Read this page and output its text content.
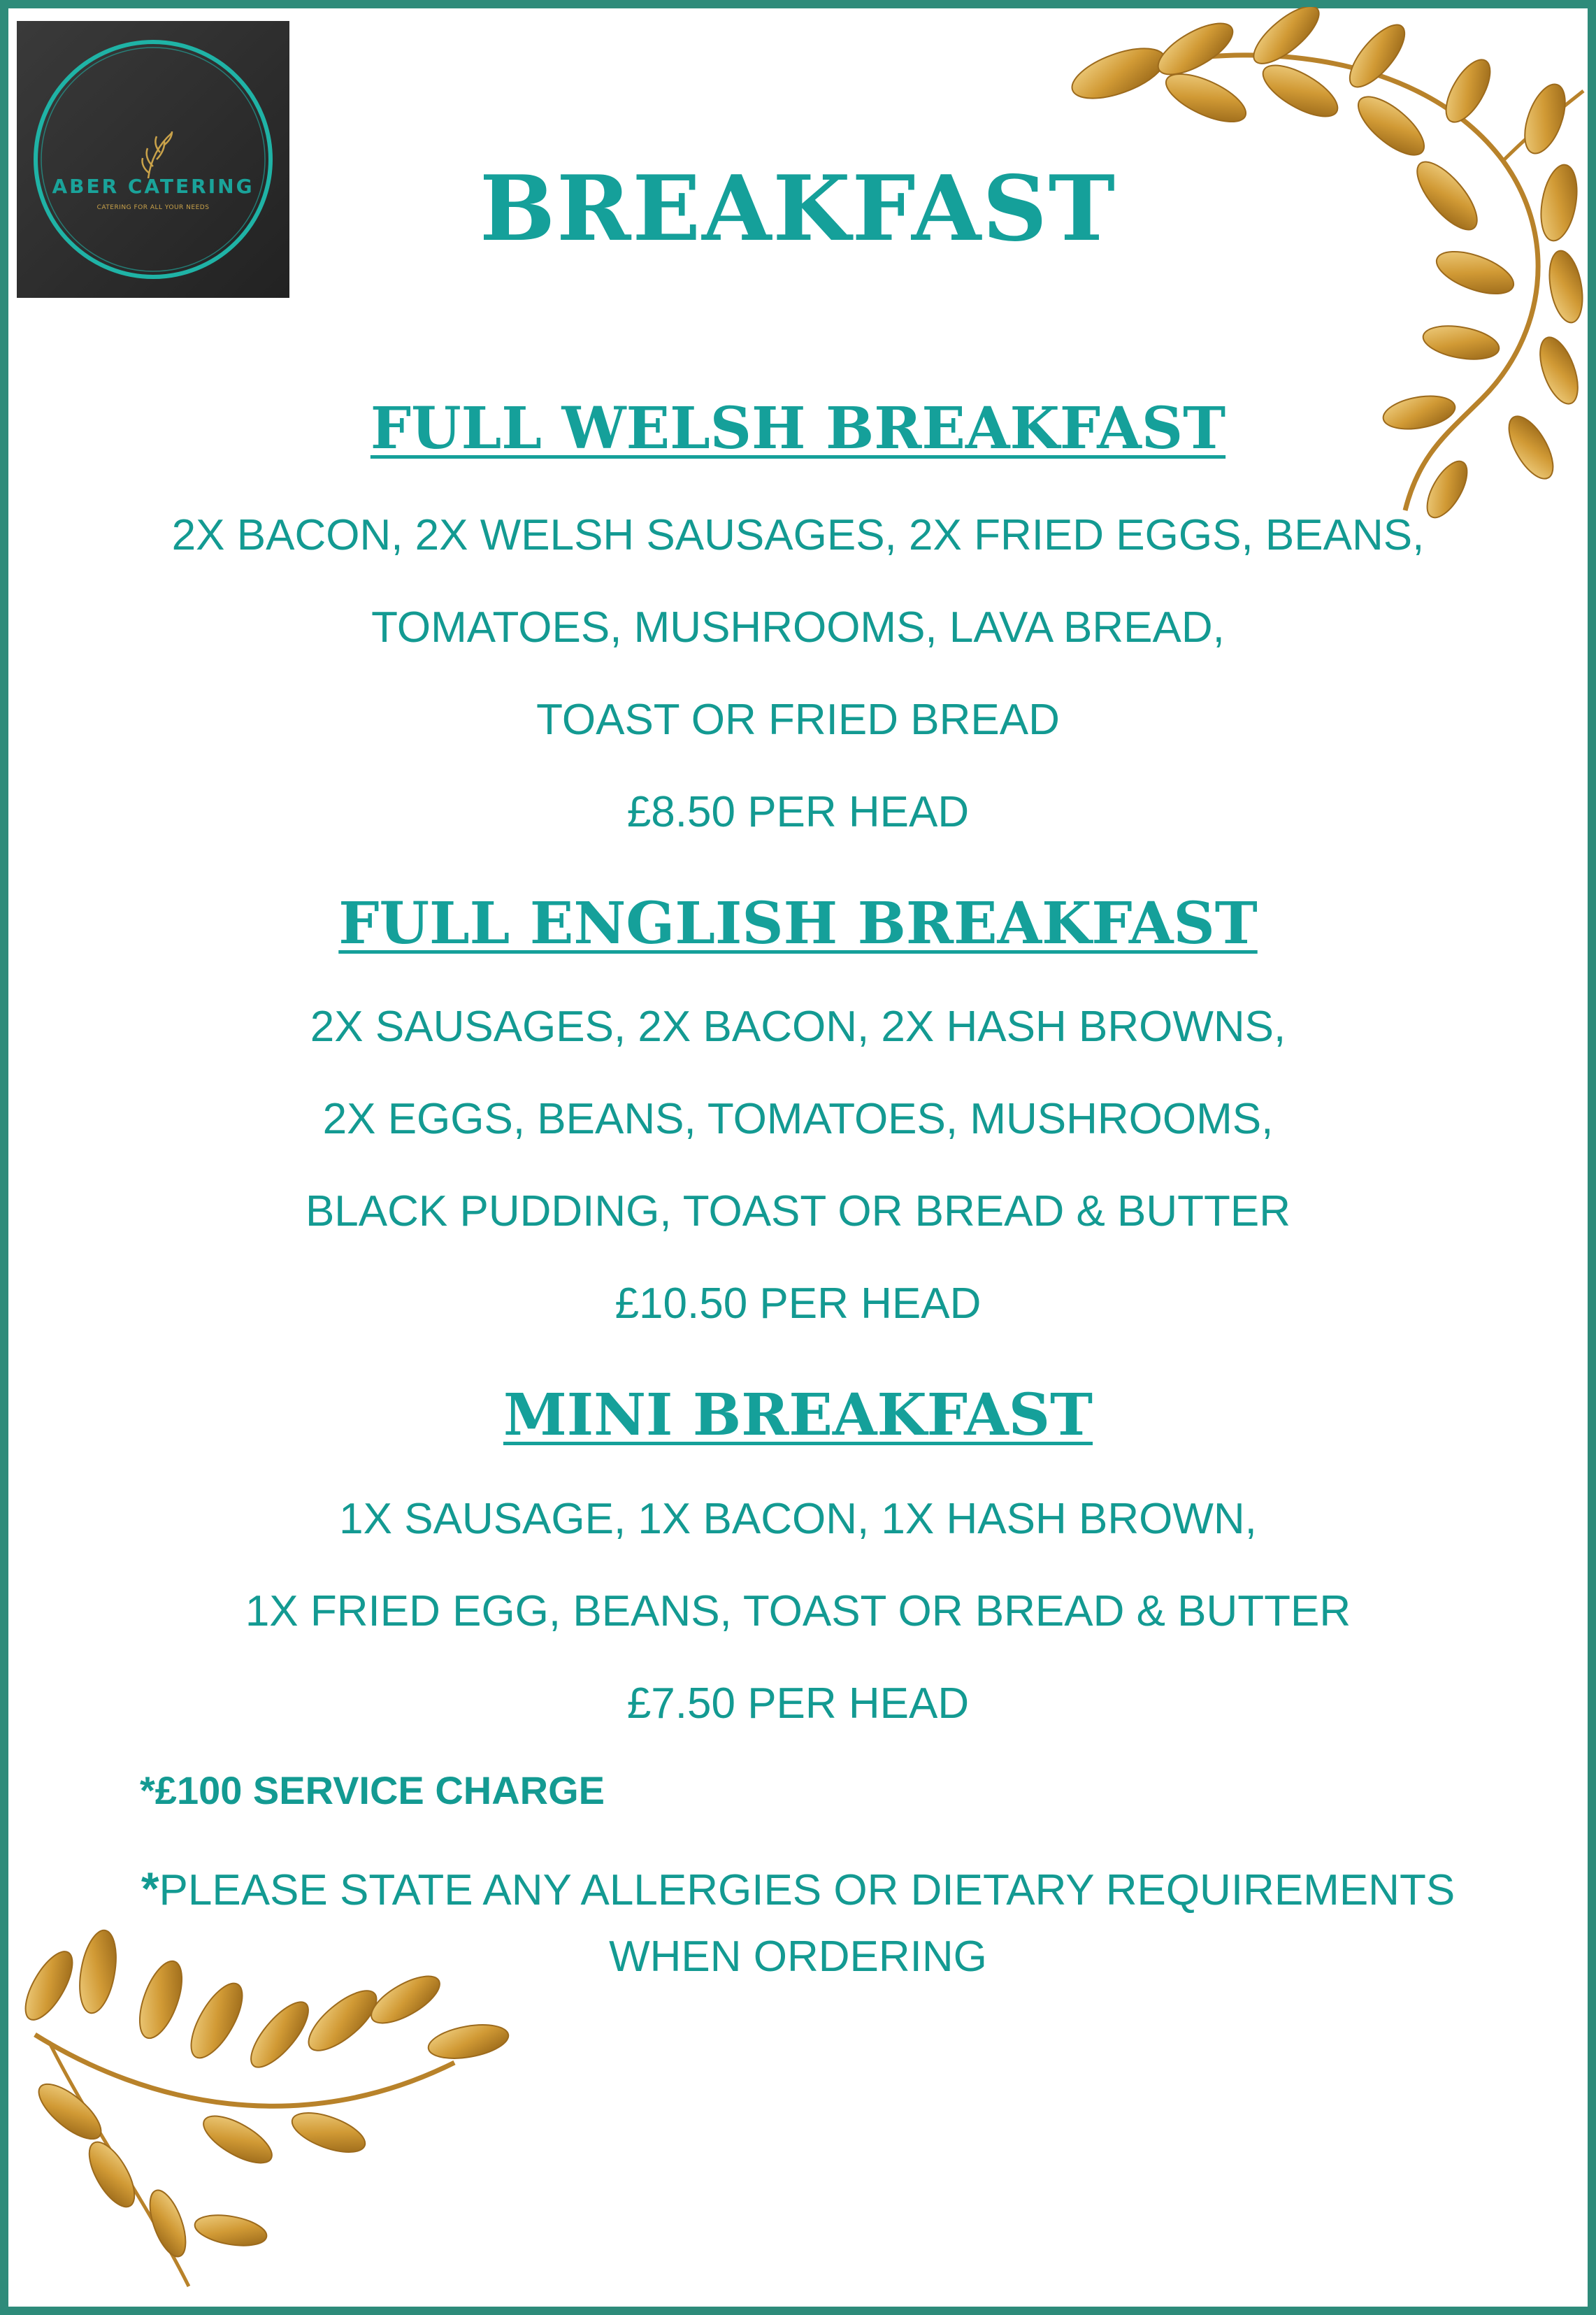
ABER CATERING
CATERING FOR ALL YOUR NEEDS	BREAKFAST
FULL WELSH BREAKFAST
2X BACON, 2X WELSH SAUSAGES, 2X FRIED EGGS, BEANS,
TOMATOES, MUSHROOMS, LAVA BREAD,
TOAST OR FRIED BREAD
£8.50 PER HEAD
FULL ENGLISH BREAKFAST
2X SAUSAGES, 2X BACON, 2X HASH BROWNS,
2X EGGS, BEANS, TOMATOES, MUSHROOMS,
BLACK PUDDING, TOAST OR BREAD & BUTTER
£10.50 PER HEAD
MINI BREAKFAST
1X SAUSAGE, 1X BACON, 1X HASH BROWN,
1X FRIED EGG, BEANS, TOAST OR BREAD & BUTTER
£7.50 PER HEAD
*£100 SERVICE CHARGE
*PLEASE STATE ANY ALLERGIES OR DIETARY REQUIREMENTS
WHEN ORDERING
